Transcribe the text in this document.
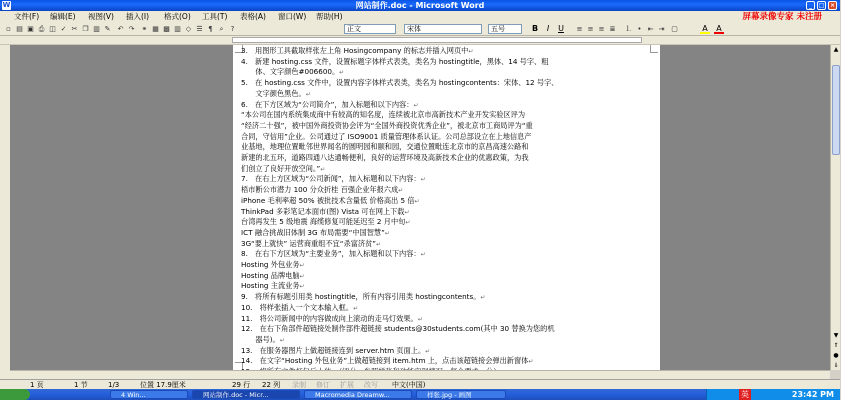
W	网站制作.doc - Microsoft Word	_	□ ×
文件(F) 编辑(E) 视图(V) 插入(I) 格式(O) 工具(T) 表格(A) 窗口(W) 帮助(H)	屏幕录像专家 未注册
▫ ▤ ▣ ⎙ ◫ ✓ ✂ ❐ ▥ ✎ ↶ ↷ ⚭ ▦ ▩ ▥ ◇ ☰ ¶ ⌕	?	正文	宋体	五号	B	I	U ≡ ≡ ≡ ≣ ⒈ • ⇤ ⇥ ▢	A A
3.　用图形工具截取样张左上角 Hosingcompany 的标志并插入网页中↵
4.　新建 hosting.css 文件，设置标题字体样式表类，类名为 hostingtitle，黑体、14 号字、粗
　　体、文字颜色#006600。↵
5.　在 hosting.css 文件中，设置内容字体样式表类，类名为 hostingcontents：宋体、12 号字、
　　文字颜色黑色。↵
6.　在下方区域为“公司简介”，加入标题和以下内容：↵
“本公司在国内系统集成商中有较高的知名度，连续被北京市高新技术产业开发实验区评为
“经济二十强”，被中国外商投资协会评为“全国外商投资优秀企业”，被北京市工商局评为“重
合同，守信用”企业。公司通过了 ISO9001 质量管理体系认证。公司总部设立在上地信息产
业基地，地理位置毗邻世界闻名的圆明园和颐和园，交通位置毗连北京市的京昌高速公路和
新建的北五环，道路四通八达通畅便利，良好的运营环境及高新技术企业的优惠政策，为我
们创立了良好开放空间。”↵
7.　在右上方区域为“公司新闻”，加入标题和以下内容：↵
梧市断公市潜力 100 分众折桂 百强企业年报六成↵
iPhone 毛利率超 50% 被批技术含量低 价格高出 5 倍↵
ThinkPad 多彩笔记本面市(图) Vista 可在网上下载↵
台湾再发生 5 级地震 海缆修复可能延迟至 2 月中旬↵
ICT 融合挑战旧体制 3G 布局需要“中国智慧”↵
3G“要上就快” 运营商重组不宜“杀富济贫”↵
8.　在右下方区域为“主要业务”，加入标题和以下内容：↵
Hosting 外包业务↵
Hosting 品牌电脑↵
Hosting 主流业务↵
9.　将所有标题引用类 hostingtitle，所有内容引用类 hostingcontents。↵
10.　将样张插入一个文本输入框。↵
11.　将公司新闻中的内容做成向上滚动的走马灯效果。↵
12.　在右下角部件超链接处制作部件超链接 students@30students.com(其中 30 替换为您的机
　　器号)。↵
13.　在服务器图片上做超链接连到 server.htm 页面上。↵
14.　在文字“Hosting 外包业务”上做超链接到 item.htm 上，点击该超链接会弹出新窗体↵
▲
▼
⇑
●
⇓
1 页	1 节	1/3	位置 17.9厘米	29 行 22 列 录制 修订 扩展 改写 中文(中国)
4 Win...	网站制作.doc - Micr...	Macromedia Dreamw...	样张.jpg - 画图	英	23:42 PM
